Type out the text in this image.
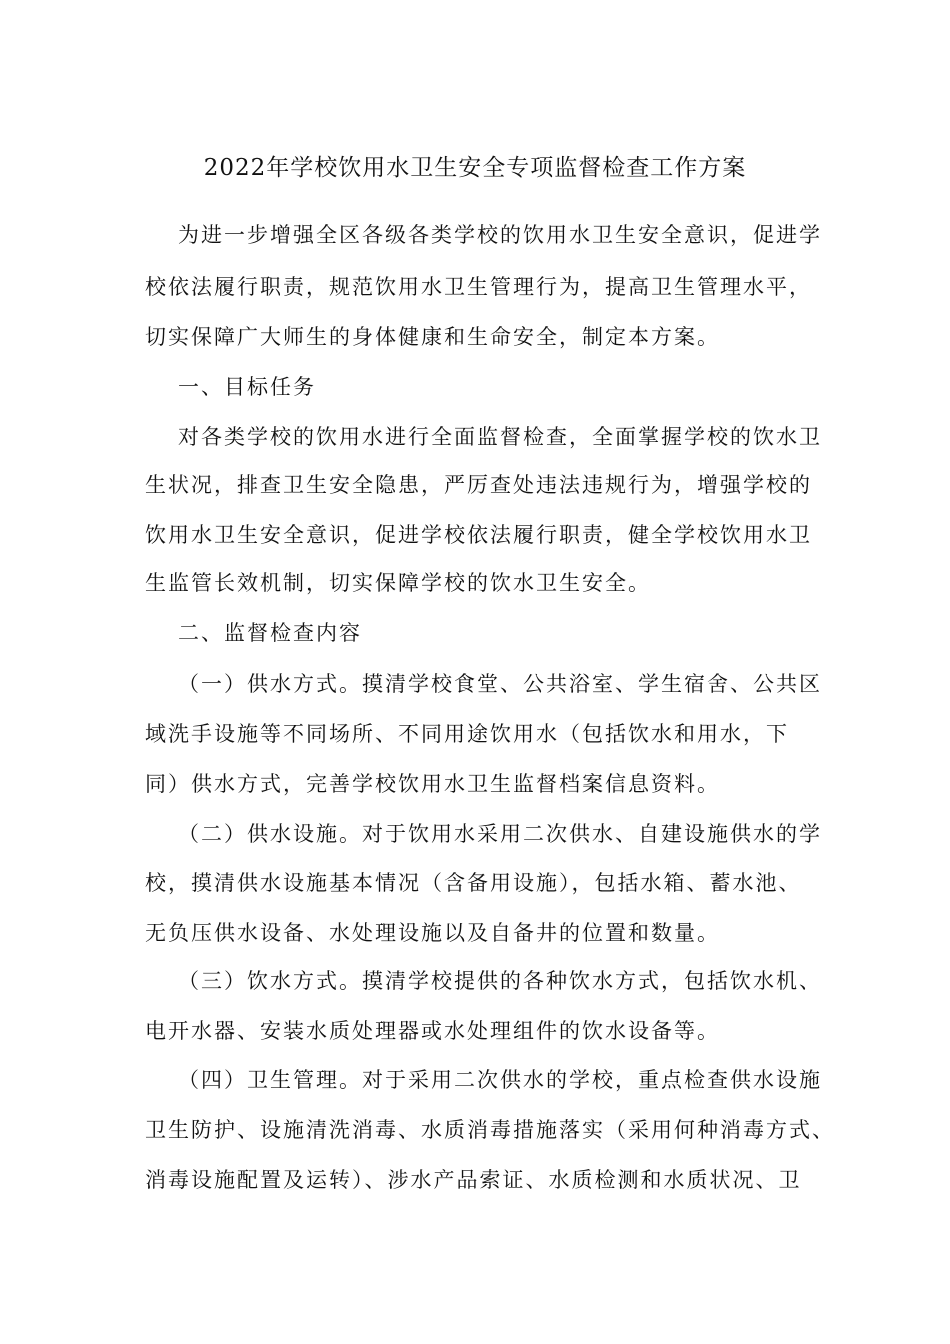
2022年学校饮用水卫生安全专项监督检查工作方案
为进一步增强全区各级各类学校的饮用水卫生安全意识，促进学
校依法履行职责，规范饮用水卫生管理行为，提高卫生管理水平，
切实保障广大师生的身体健康和生命安全，制定本方案。
一、目标任务
对各类学校的饮用水进行全面监督检查，全面掌握学校的饮水卫
生状况，排查卫生安全隐患，严厉查处违法违规行为，增强学校的
饮用水卫生安全意识，促进学校依法履行职责，健全学校饮用水卫
生监管长效机制，切实保障学校的饮水卫生安全。
二、监督检查内容
（一）供水方式。摸清学校食堂、公共浴室、学生宿舍、公共区
域洗手设施等不同场所、不同用途饮用水（包括饮水和用水，下
同）供水方式，完善学校饮用水卫生监督档案信息资料。
（二）供水设施。对于饮用水采用二次供水、自建设施供水的学
校，摸清供水设施基本情况（含备用设施），包括水箱、蓄水池、
无负压供水设备、水处理设施以及自备井的位置和数量。
（三）饮水方式。摸清学校提供的各种饮水方式，包括饮水机、
电开水器、安装水质处理器或水处理组件的饮水设备等。
（四）卫生管理。对于采用二次供水的学校，重点检查供水设施
卫生防护、设施清洗消毒、水质消毒措施落实（采用何种消毒方式、
消毒设施配置及运转）、涉水产品索证、水质检测和水质状况、卫
